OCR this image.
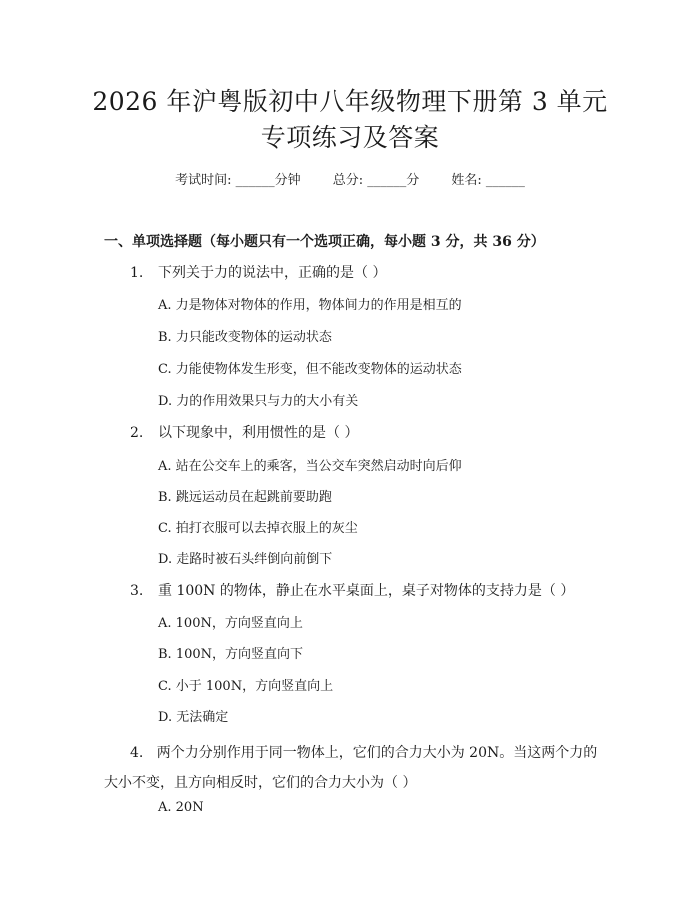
2026 年沪粤版初中八年级物理下册第 3 单元
专项练习及答案
考试时间: ______分钟 总分: ______分 姓名: ______
一、单项选择题（每小题只有一个选项正确，每小题 3 分，共 36 分）
1. 下列关于力的说法中，正确的是（ ）
A. 力是物体对物体的作用，物体间力的作用是相互的
B. 力只能改变物体的运动状态
C. 力能使物体发生形变，但不能改变物体的运动状态
D. 力的作用效果只与力的大小有关
2. 以下现象中，利用惯性的是（ ）
A. 站在公交车上的乘客，当公交车突然启动时向后仰
B. 跳远运动员在起跳前要助跑
C. 拍打衣服可以去掉衣服上的灰尘
D. 走路时被石头绊倒向前倒下
3. 重 100N 的物体，静止在水平桌面上，桌子对物体的支持力是（ ）
A. 100N，方向竖直向上
B. 100N，方向竖直向下
C. 小于 100N，方向竖直向上
D. 无法确定
4. 两个力分别作用于同一物体上，它们的合力大小为 20N。当这两个力的大小不变，且方向相反时，它们的合力大小为（ ）
A. 20N
